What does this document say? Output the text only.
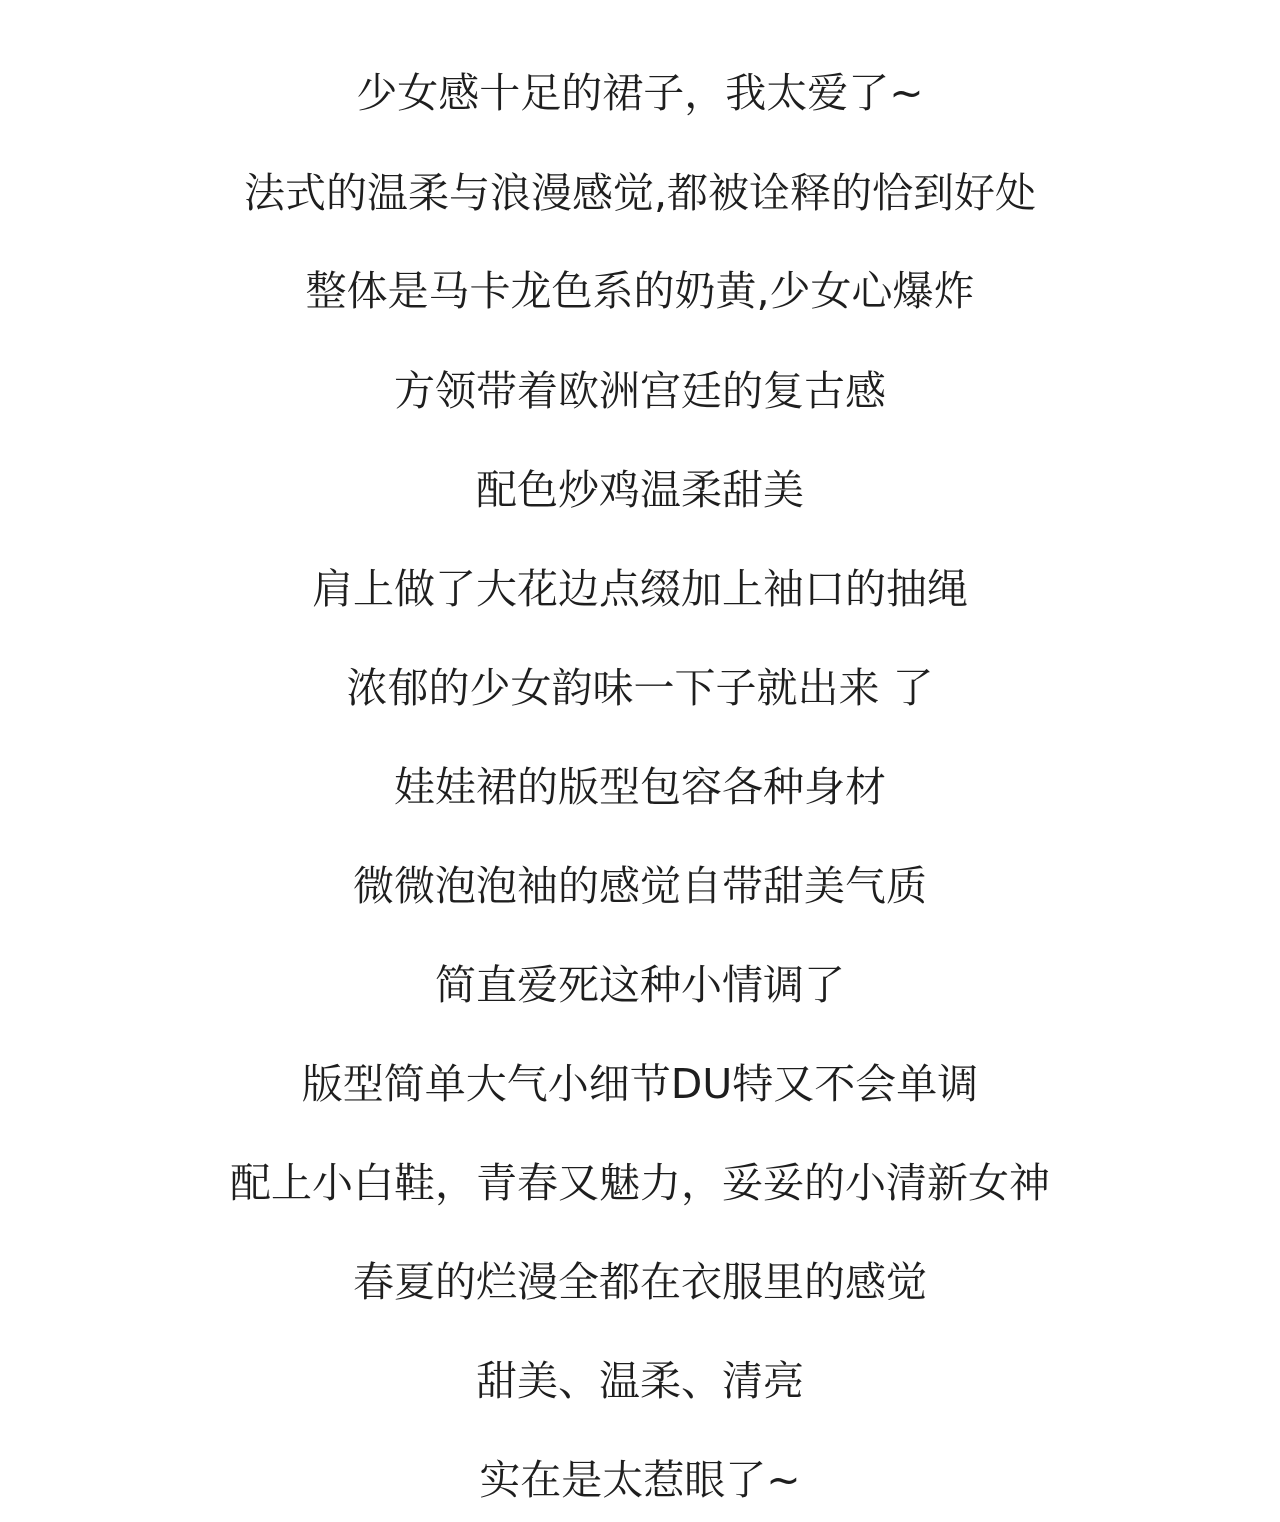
少女感十足的裙子，我太爱了~

法式的温柔与浪漫感觉,都被诠释的恰到好处

整体是马卡龙色系的奶黄,少女心爆炸

方领带着欧洲宫廷的复古感

配色炒鸡温柔甜美

肩上做了大花边点缀加上袖口的抽绳

浓郁的少女韵味一下子就出来 了

娃娃裙的版型包容各种身材

微微泡泡袖的感觉自带甜美气质

简直爱死这种小情调了

版型简单大气小细节DU特又不会单调

配上小白鞋，青春又魅力，妥妥的小清新女神

春夏的烂漫全都在衣服里的感觉

甜美、温柔、清亮

实在是太惹眼了~
